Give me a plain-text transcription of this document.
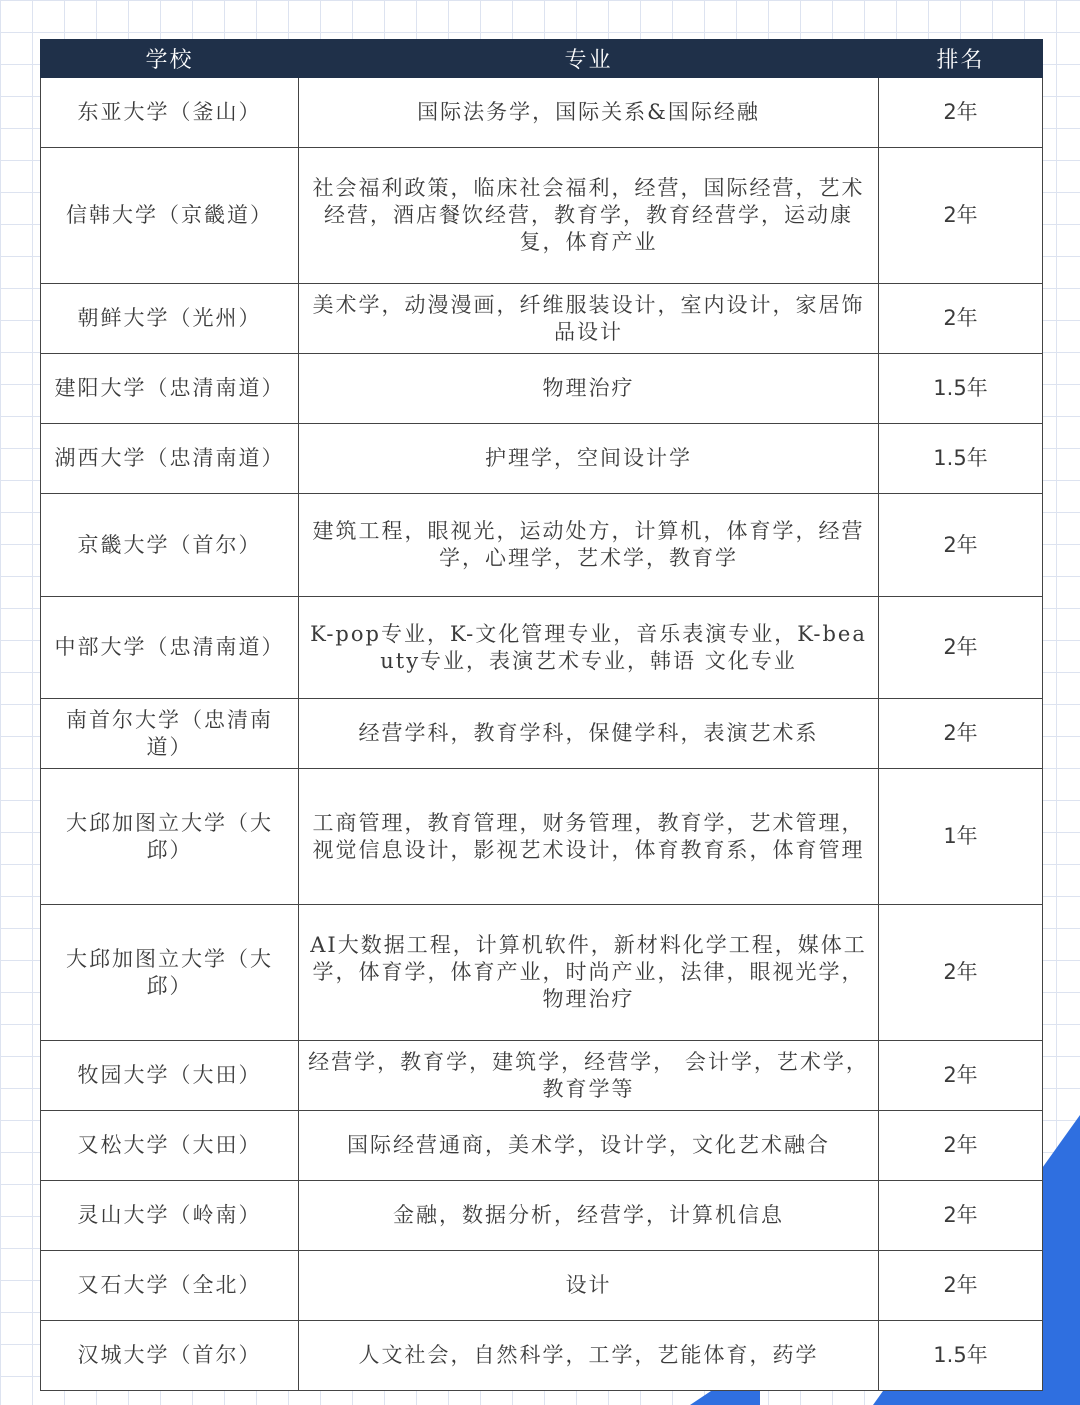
学校	专业	排名
东亚大学（釜山）	国际法务学，国际关系&国际经融	2年
信韩大学（京畿道）	社会福利政策，临床社会福利，经营，国际经营，艺术经营，酒店餐饮经营，教育学，教育经营学，运动康复，体育产业	2年
朝鲜大学（光州）	美术学，动漫漫画，纤维服装设计，室内设计，家居饰品设计	2年
建阳大学（忠清南道）	物理治疗	1.5年
湖西大学（忠清南道）	护理学，空间设计学	1.5年
京畿大学（首尔）	建筑工程，眼视光，运动处方，计算机，体育学，经营学，心理学，艺术学，教育学	2年
中部大学（忠清南道）	K-pop专业，K-文化管理专业，音乐表演专业，K-beauty专业，表演艺术专业，韩语 文化专业	2年
南首尔大学（忠清南道）	经营学科，教育学科，保健学科，表演艺术系	2年
大邱加图立大学（大邱）	工商管理，教育管理，财务管理，教育学，艺术管理，视觉信息设计，影视艺术设计，体育教育系，体育管理	1年
大邱加图立大学（大邱）	AI大数据工程，计算机软件，新材料化学工程，媒体工学，体育学，体育产业，时尚产业，法律，眼视光学，物理治疗	2年
牧园大学（大田）	经营学，教育学，建筑学，经营学， 会计学，艺术学，教育学等	2年
又松大学（大田）	国际经营通商，美术学，设计学，文化艺术融合	2年
灵山大学（岭南）	金融，数据分析，经营学，计算机信息	2年
又石大学（全北）	设计	2年
汉城大学（首尔）	人文社会，自然科学，工学，艺能体育，药学	1.5年
